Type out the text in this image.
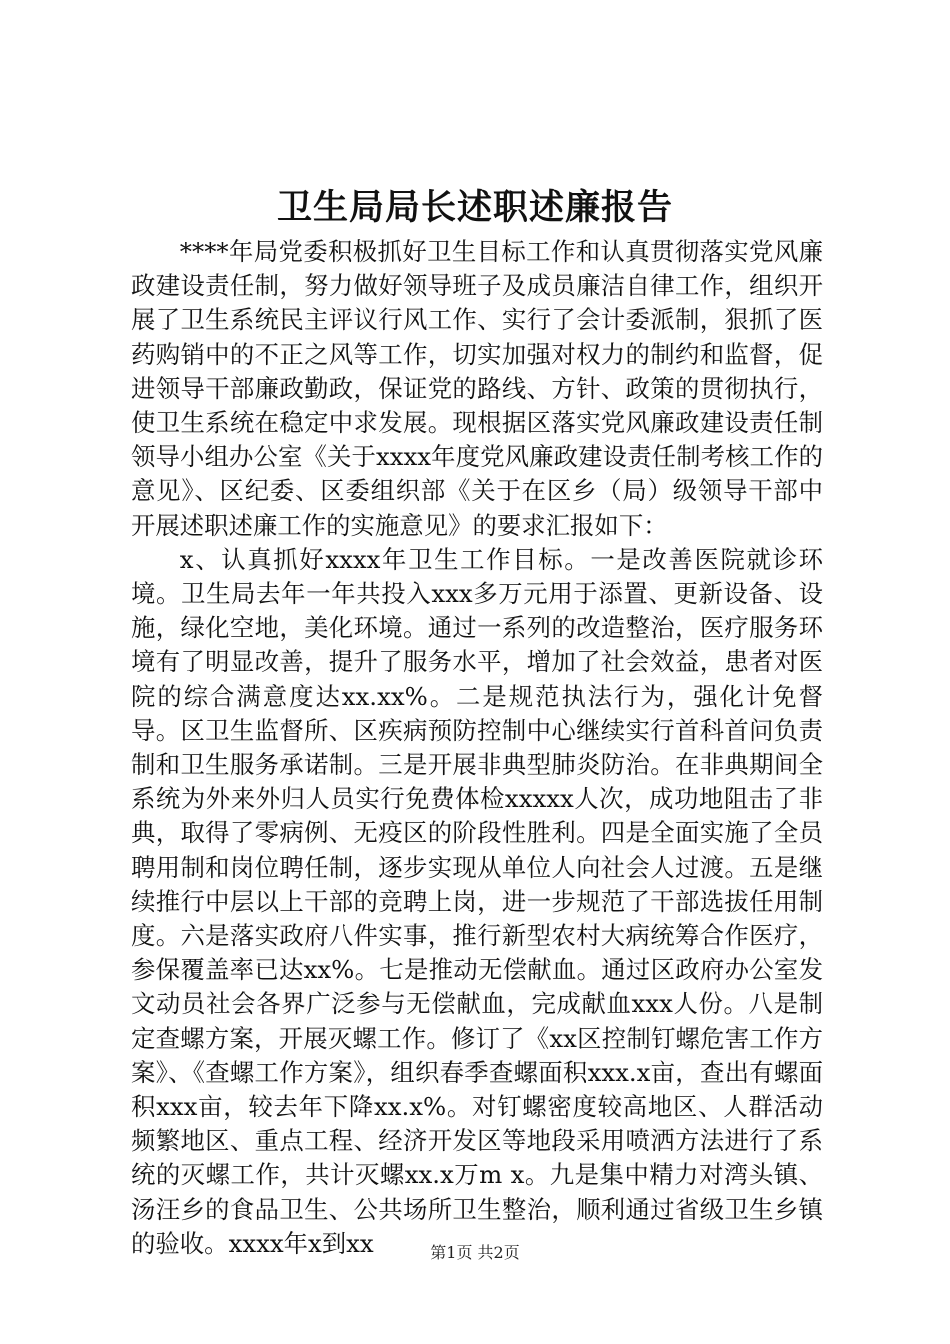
卫生局局长述职述廉报告

****年局党委积极抓好卫生目标工作和认真贯彻落实党风廉政建设责任制，努力做好领导班子及成员廉洁自律工作，组织开展了卫生系统民主评议行风工作、实行了会计委派制，狠抓了医药购销中的不正之风等工作，切实加强对权力的制约和监督，促进领导干部廉政勤政，保证党的路线、方针、政策的贯彻执行，使卫生系统在稳定中求发展。现根据区落实党风廉政建设责任制领导小组办公室《关于xxxx年度党风廉政建设责任制考核工作的意见》、区纪委、区委组织部《关于在区乡（局）级领导干部中开展述职述廉工作的实施意见》的要求汇报如下：

x、认真抓好xxxx年卫生工作目标。一是改善医院就诊环境。卫生局去年一年共投入xxx多万元用于添置、更新设备、设施，绿化空地，美化环境。通过一系列的改造整治，医疗服务环境有了明显改善，提升了服务水平，增加了社会效益，患者对医院的综合满意度达xx.xx%。二是规范执法行为，强化计免督导。区卫生监督所、区疾病预防控制中心继续实行首科首问负责制和卫生服务承诺制。三是开展非典型肺炎防治。在非典期间全系统为外来外归人员实行免费体检xxxxx人次，成功地阻击了非典，取得了零病例、无疫区的阶段性胜利。四是全面实施了全员聘用制和岗位聘任制，逐步实现从单位人向社会人过渡。五是继续推行中层以上干部的竞聘上岗，进一步规范了干部选拔任用制度。六是落实政府八件实事，推行新型农村大病统筹合作医疗，参保覆盖率已达xx%。七是推动无偿献血。通过区政府办公室发文动员社会各界广泛参与无偿献血，完成献血xxx人份。八是制定查螺方案，开展灭螺工作。修订了《xx区控制钉螺危害工作方案》、《查螺工作方案》，组织春季查螺面积xxx.x亩，查出有螺面积xxx亩，较去年下降xx.x%。对钉螺密度较高地区、人群活动频繁地区、重点工程、经济开发区等地段采用喷洒方法进行了系统的灭螺工作，共计灭螺xx.x万m x。九是集中精力对湾头镇、汤汪乡的食品卫生、公共场所卫生整治，顺利通过省级卫生乡镇的验收。xxxx年x到xx	第1页 共2页
